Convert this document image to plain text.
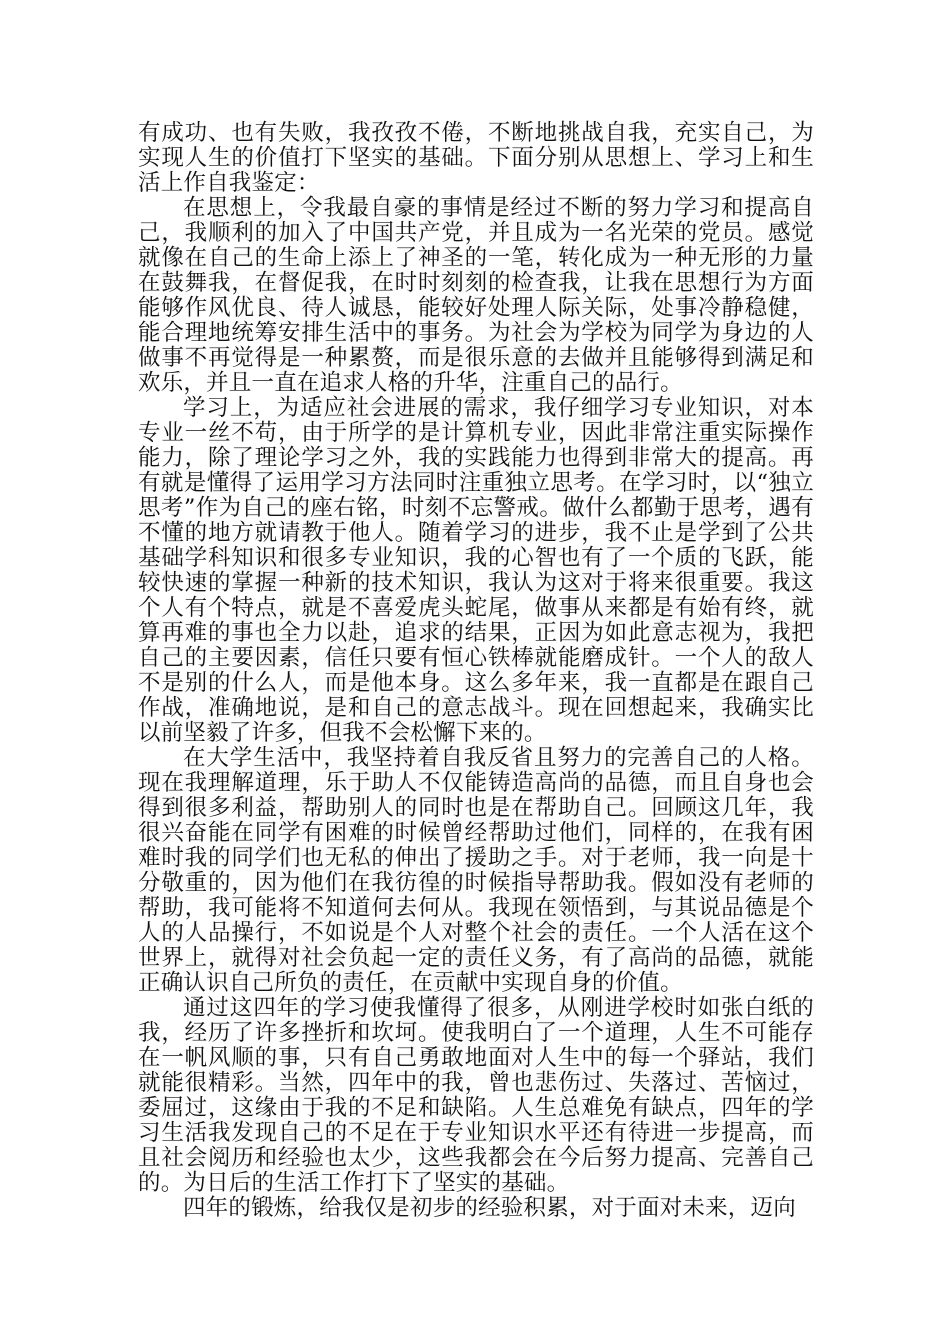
有成功、也有失败，我孜孜不倦，不断地挑战自我，充实自己，为实现人生的价值打下坚实的基础。下面分别从思想上、学习上和生活上作自我鉴定：

在思想上，令我最自豪的事情是经过不断的努力学习和提高自己，我顺利的加入了中国共产党，并且成为一名光荣的党员。感觉就像在自己的生命上添上了神圣的一笔，转化成为一种无形的力量在鼓舞我，在督促我，在时时刻刻的检查我，让我在思想行为方面能够作风优良、待人诚恳，能较好处理人际关际，处事冷静稳健，能合理地统筹安排生活中的事务。为社会为学校为同学为身边的人做事不再觉得是一种累赘，而是很乐意的去做并且能够得到满足和欢乐，并且一直在追求人格的升华，注重自己的品行。

学习上，为适应社会进展的需求，我仔细学习专业知识，对本专业一丝不苟，由于所学的是计算机专业，因此非常注重实际操作能力，除了理论学习之外，我的实践能力也得到非常大的提高。再有就是懂得了运用学习方法同时注重独立思考。在学习时，以“独立思考”作为自己的座右铭，时刻不忘警戒。做什么都勤于思考，遇有不懂的地方就请教于他人。随着学习的进步，我不止是学到了公共基础学科知识和很多专业知识，我的心智也有了一个质的飞跃，能较快速的掌握一种新的技术知识，我认为这对于将来很重要。我这个人有个特点，就是不喜爱虎头蛇尾，做事从来都是有始有终，就算再难的事也全力以赴，追求的结果，正因为如此意志视为，我把自己的主要因素，信任只要有恒心铁棒就能磨成针。一个人的敌人不是别的什么人，而是他本身。这么多年来，我一直都是在跟自己作战，准确地说，是和自己的意志战斗。现在回想起来，我确实比以前坚毅了许多，但我不会松懈下来的。

在大学生活中，我坚持着自我反省且努力的完善自己的人格。现在我理解道理，乐于助人不仅能铸造高尚的品德，而且自身也会得到很多利益，帮助别人的同时也是在帮助自己。回顾这几年，我很兴奋能在同学有困难的时候曾经帮助过他们，同样的，在我有困难时我的同学们也无私的伸出了援助之手。对于老师，我一向是十分敬重的，因为他们在我彷徨的时候指导帮助我。假如没有老师的帮助，我可能将不知道何去何从。我现在领悟到，与其说品德是个人的人品操行，不如说是个人对整个社会的责任。一个人活在这个世界上，就得对社会负起一定的责任义务，有了高尚的品德，就能正确认识自己所负的责任，在贡献中实现自身的价值。

通过这四年的学习使我懂得了很多，从刚进学校时如张白纸的我，经历了许多挫折和坎坷。使我明白了一个道理，人生不可能存在一帆风顺的事，只有自己勇敢地面对人生中的每一个驿站，我们就能很精彩。当然，四年中的我，曾也悲伤过、失落过、苦恼过，委屈过，这缘由于我的不足和缺陷。人生总难免有缺点，四年的学习生活我发现自己的不足在于专业知识水平还有待进一步提高，而且社会阅历和经验也太少，这些我都会在今后努力提高、完善自己的。为日后的生活工作打下了坚实的基础。

四年的锻炼，给我仅是初步的经验积累，对于面对未来，迈向
